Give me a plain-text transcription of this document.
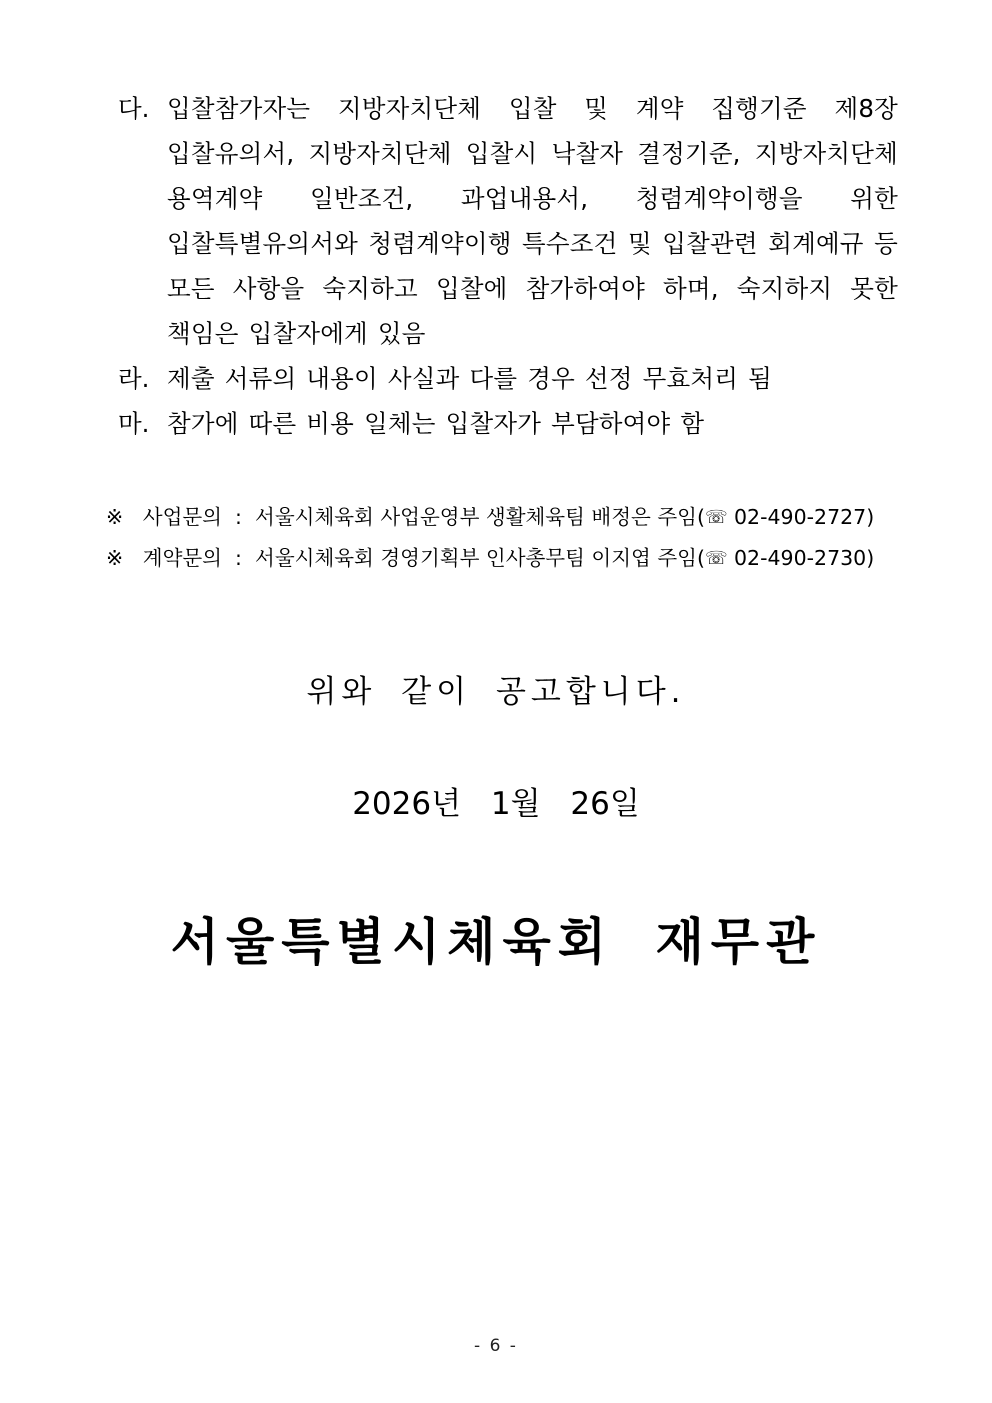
다. 입찰참가자는 지방자치단체 입찰 및 계약 집행기준 제8장 입찰유의서, 지방자치단체 입찰시 낙찰자 결정기준, 지방자치단체 용역계약 일반조건, 과업내용서, 청렴계약이행을 위한 입찰특별유의서와 청렴계약이행 특수조건 및 입찰관련 회계예규 등 모든 사항을 숙지하고 입찰에 참가하여야 하며, 숙지하지 못한 책임은 입찰자에게 있음
라. 제출 서류의 내용이 사실과 다를 경우 선정 무효처리 됨
마. 참가에 따른 비용 일체는 입찰자가 부담하여야 함
※ 사업문의 : 서울시체육회 사업운영부 생활체육팀 배정은 주임(☏ 02-490-2727)
※ 계약문의 : 서울시체육회 경영기획부 인사총무팀 이지엽 주임(☏ 02-490-2730)
위와 같이 공고합니다.
2026년 1월 26일
서울특별시체육회 재무관
- 6 -
